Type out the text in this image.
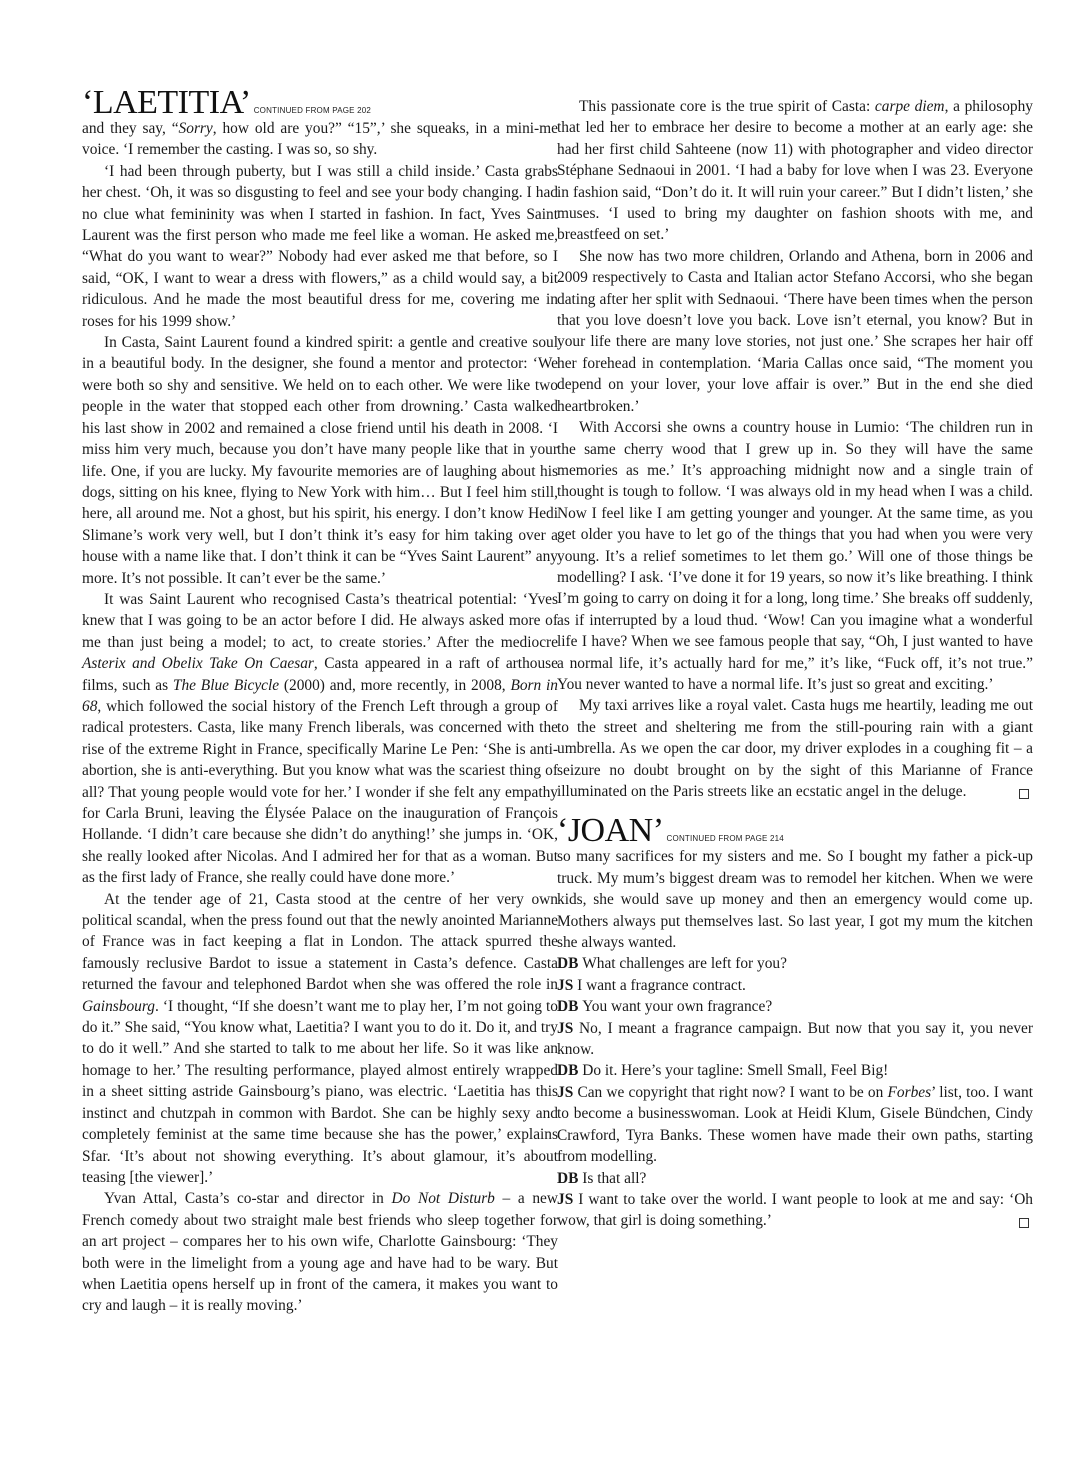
‘LAETITIA’ CONTINUED FROM PAGE 202

and they say, “Sorry, how old are you?” “15”,’ she squeaks, in a mini-me voice. ‘I remember the casting. I was so, so shy.

‘I had been through puberty, but I was still a child inside.’ Casta grabs her chest. ‘Oh, it was so disgusting to feel and see your body changing. I had no clue what femininity was when I started in fashion. In fact, Yves Saint Laurent was the first person who made me feel like a woman. He asked me, “What do you want to wear?” Nobody had ever asked me that before, so I said, “OK, I want to wear a dress with flowers,” as a child would say, a bit ridiculous. And he made the most beautiful dress for me, covering me in roses for his 1999 show.’

In Casta, Saint Laurent found a kindred spirit: a gentle and creative soul in a beautiful body. In the designer, she found a mentor and protector: ‘We were both so shy and sensitive. We held on to each other. We were like two people in the water that stopped each other from drowning.’ Casta walked his last show in 2002 and remained a close friend until his death in 2008. ‘I miss him very much, because you don’t have many people like that in your life. One, if you are lucky. My favourite memories are of laughing about his dogs, sitting on his knee, flying to New York with him… But I feel him still, here, all around me. Not a ghost, but his spirit, his energy. I don’t know Hedi Slimane’s work very well, but I don’t think it’s easy for him taking over a house with a name like that. I don’t think it can be “Yves Saint Laurent” any more. It’s not possible. It can’t ever be the same.’

It was Saint Laurent who recognised Casta’s theatrical potential: ‘Yves knew that I was going to be an actor before I did. He always asked more of me than just being a model; to act, to create stories.’ After the mediocre Asterix and Obelix Take On Caesar, Casta appeared in a raft of arthouse films, such as The Blue Bicycle (2000) and, more recently, in 2008, Born in 68, which followed the social history of the French Left through a group of radical protesters. Casta, like many French liberals, was concerned with the rise of the extreme Right in France, specifically Marine Le Pen: ‘She is anti-abortion, she is anti-everything. But you know what was the scariest thing of all? That young people would vote for her.’ I wonder if she felt any empathy for Carla Bruni, leaving the Élysée Palace on the inauguration of François Hollande. ‘I didn’t care because she didn’t do anything!’ she jumps in. ‘OK, she really looked after Nicolas. And I admired her for that as a woman. But as the first lady of France, she really could have done more.’

At the tender age of 21, Casta stood at the centre of her very own political scandal, when the press found out that the newly anointed Marianne of France was in fact keeping a flat in London. The attack spurred the famously reclusive Bardot to issue a statement in Casta’s defence. Casta returned the favour and telephoned Bardot when she was offered the role in Gainsbourg. ‘I thought, “If she doesn’t want me to play her, I’m not going to do it.” She said, “You know what, Laetitia? I want you to do it. Do it, and try to do it well.” And she started to talk to me about her life. So it was like an homage to her.’ The resulting performance, played almost entirely wrapped in a sheet sitting astride Gainsbourg’s piano, was electric. ‘Laetitia has this instinct and chutzpah in common with Bardot. She can be highly sexy and completely feminist at the same time because she has the power,’ explains Sfar. ‘It’s about not showing everything. It’s about glamour, it’s about teasing [the viewer].’

Yvan Attal, Casta’s co-star and director in Do Not Disturb – a new French comedy about two straight male best friends who sleep together for an art project – compares her to his own wife, Charlotte Gainsbourg: ‘They both were in the limelight from a young age and have had to be wary. But when Laetitia opens herself up in front of the camera, it makes you want to cry and laugh – it is really moving.’

This passionate core is the true spirit of Casta: carpe diem, a philosophy that led her to embrace her desire to become a mother at an early age: she had her first child Sahteene (now 11) with photographer and video director Stéphane Sednaoui in 2001. ‘I had a baby for love when I was 23. Everyone in fashion said, “Don’t do it. It will ruin your career.” But I didn’t listen,’ she muses. ‘I used to bring my daughter on fashion shoots with me, and breastfeed on set.’

She now has two more children, Orlando and Athena, born in 2006 and 2009 respectively to Casta and Italian actor Stefano Accorsi, who she began dating after her split with Sednaoui. ‘There have been times when the person that you love doesn’t love you back. Love isn’t eternal, you know? But in your life there are many love stories, not just one.’ She scrapes her hair off her forehead in contemplation. ‘Maria Callas once said, “The moment you depend on your lover, your love affair is over.” But in the end she died heartbroken.’

With Accorsi she owns a country house in Lumio: ‘The children run in the same cherry wood that I grew up in. So they will have the same memories as me.’ It’s approaching midnight now and a single train of thought is tough to follow. ‘I was always old in my head when I was a child. Now I feel like I am getting younger and younger. At the same time, as you get older you have to let go of the things that you had when you were very young. It’s a relief sometimes to let them go.’ Will one of those things be modelling? I ask. ‘I’ve done it for 19 years, so now it’s like breathing. I think I’m going to carry on doing it for a long, long time.’ She breaks off suddenly, as if interrupted by a loud thud. ‘Wow! Can you imagine what a wonderful life I have? When we see famous people that say, “Oh, I just wanted to have a normal life, it’s actually hard for me,” it’s like, “Fuck off, it’s not true.” You never wanted to have a normal life. It’s just so great and exciting.’

My taxi arrives like a royal valet. Casta hugs me heartily, leading me out to the street and sheltering me from the still-pouring rain with a giant umbrella. As we open the car door, my driver explodes in a coughing fit – a seizure no doubt brought on by the sight of this Marianne of France illuminated on the Paris streets like an ecstatic angel in the deluge.

‘JOAN’ CONTINUED FROM PAGE 214

so many sacrifices for my sisters and me. So I bought my father a pick-up truck. My mum’s biggest dream was to remodel her kitchen. When we were kids, she would save up money and then an emergency would come up. Mothers always put themselves last. So last year, I got my mum the kitchen she always wanted.

DB What challenges are left for you?

JS I want a fragrance contract.

DB You want your own fragrance?

JS No, I meant a fragrance campaign. But now that you say it, you never know.

DB Do it. Here’s your tagline: Smell Small, Feel Big!

JS Can we copyright that right now? I want to be on Forbes’ list, too. I want to become a businesswoman. Look at Heidi Klum, Gisele Bündchen, Cindy Crawford, Tyra Banks. These women have made their own paths, starting from modelling.

DB Is that all?

JS I want to take over the world. I want people to look at me and say: ‘Oh wow, that girl is doing something.’
